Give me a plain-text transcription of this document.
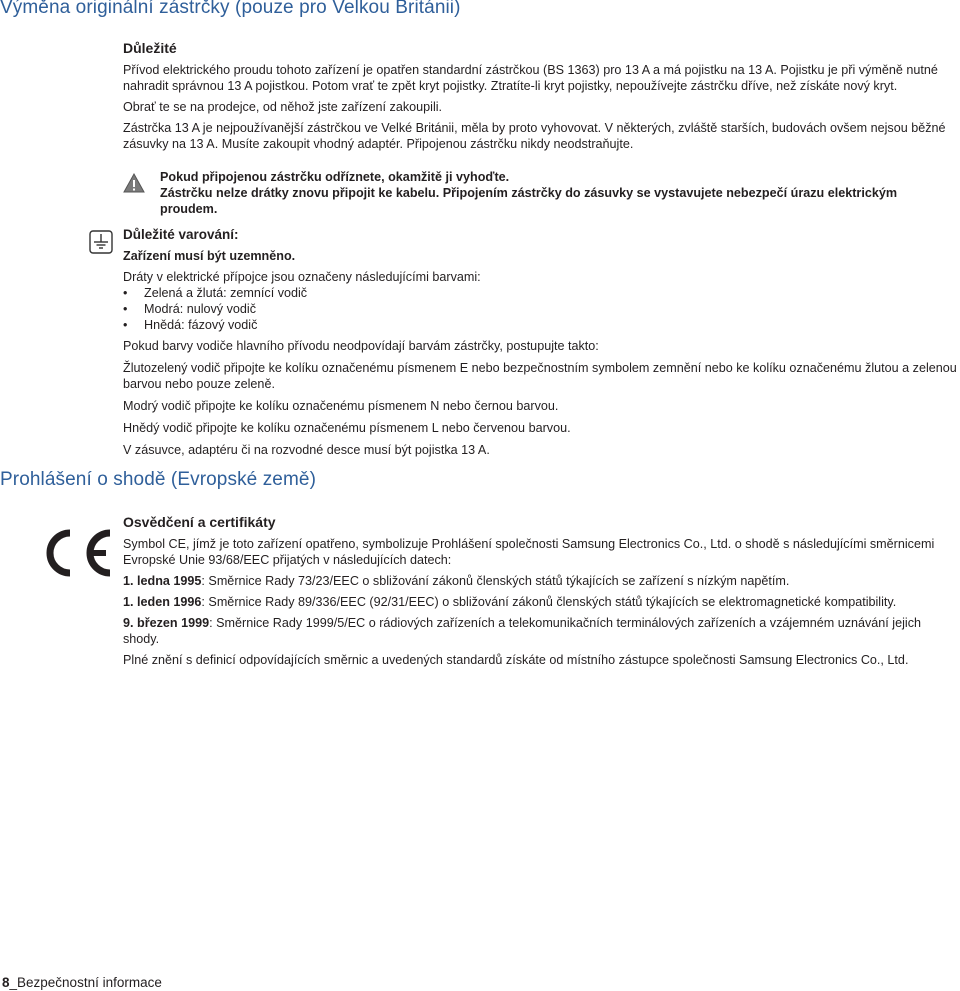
Výměna originální zástrčky (pouze pro Velkou Británii)

Důležité

Přívod elektrického proudu tohoto zařízení je opatřen standardní zástrčkou (BS 1363) pro 13 A a má pojistku na 13 A. Pojistku je při výměně nutné nahradit správnou 13 A pojistkou. Potom vrať te zpět kryt pojistky. Ztratíte-li kryt pojistky, nepoužívejte zástrčku dříve, než získáte nový kryt.

Obrať te se na prodejce, od něhož jste zařízení zakoupili.

Zástrčka 13 A je nejpoužívanější zástrčkou ve Velké Británii, měla by proto vyhovovat. V některých, zvláště starších, budovách ovšem nejsou běžné zásuvky na 13 A. Musíte zakoupit vhodný adaptér. Připojenou zástrčku nikdy neodstraňujte.

Pokud připojenou zástrčku odříznete, okamžitě ji vyhoďte.

Zástrčku nelze drátky znovu připojit ke kabelu. Připojením zástrčky do zásuvky se vystavujete nebezpečí úrazu elektrickým proudem.

Důležité varování:

Zařízení musí být uzemněno.

Dráty v elektrické přípojce jsou označeny následujícími barvami:

• Zelená a žlutá: zemnící vodič

• Modrá: nulový vodič

• Hnědá: fázový vodič

Pokud barvy vodiče hlavního přívodu neodpovídají barvám zástrčky, postupujte takto:

Žlutozelený vodič připojte ke kolíku označenému písmenem E nebo bezpečnostním symbolem zemnění nebo ke kolíku označenému žlutou a zelenou barvou nebo pouze zeleně.

Modrý vodič připojte ke kolíku označenému písmenem N nebo černou barvou.

Hnědý vodič připojte ke kolíku označenému písmenem L nebo červenou barvou.

V zásuvce, adaptéru či na rozvodné desce musí být pojistka 13 A.

Prohlášení o shodě (Evropské země)

Osvědčení a certifikáty

Symbol CE, jímž je toto zařízení opatřeno, symbolizuje Prohlášení společnosti Samsung Electronics Co., Ltd. o shodě s následujícími směrnicemi Evropské Unie 93/68/EEC přijatých v následujících datech:

1. ledna 1995: Směrnice Rady 73/23/EEC o sbližování zákonů členských států týkajících se zařízení s nízkým napětím.

1. leden 1996: Směrnice Rady 89/336/EEC (92/31/EEC) o sbližování zákonů členských států týkajících se elektromagnetické kompatibility.

9. březen 1999: Směrnice Rady 1999/5/EC o rádiových zařízeních a telekomunikačních terminálových zařízeních a vzájemném uznávání jejich shody.

Plné znění s definicí odpovídajících směrnic a uvedených standardů získáte od místního zástupce společnosti Samsung Electronics Co., Ltd.

8_Bezpečnostní informace
